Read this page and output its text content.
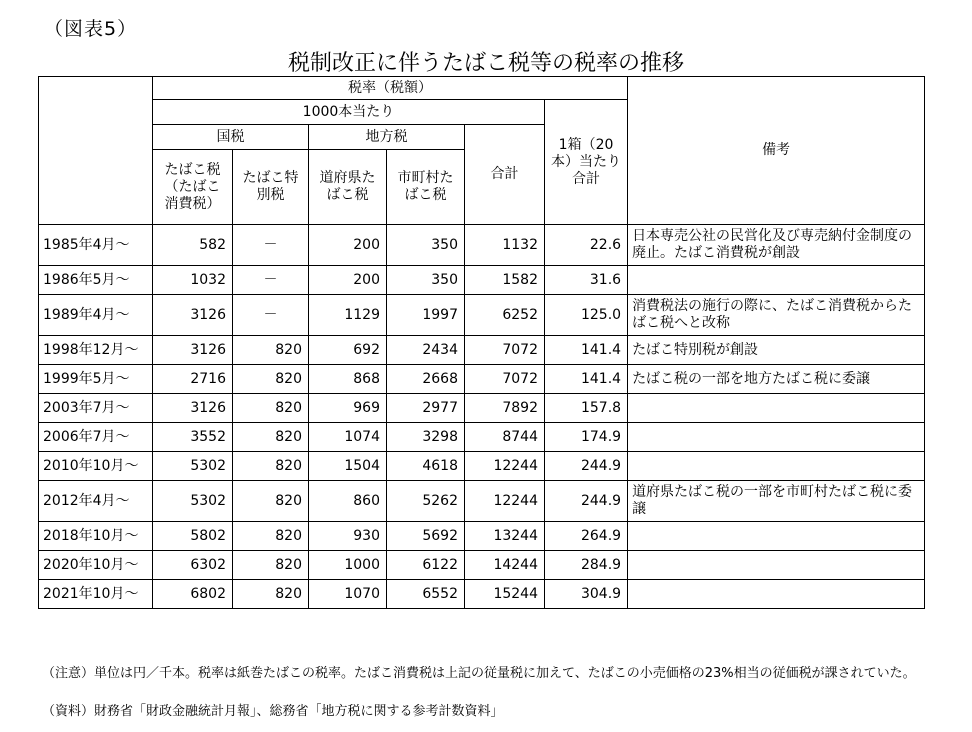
（図表5）
税制改正に伴うたばこ税等の税率の推移
	税率（税額）						備考
	1000本当たり					1箱（20本）当たり合計	
	国税		地方税		合計		
	たばこ税（たばこ消費税）	たばこ特別税	道府県たばこ税	市町村たばこ税			
1985年4月～	582	－	200	350	1132	22.6	日本専売公社の民営化及び専売納付金制度の廃止。たばこ消費税が創設
1986年5月～	1032	－	200	350	1582	31.6	
1989年4月～	3126	－	1129	1997	6252	125.0	消費税法の施行の際に、たばこ消費税からたばこ税へと改称
1998年12月～	3126	820	692	2434	7072	141.4	たばこ特別税が創設
1999年5月～	2716	820	868	2668	7072	141.4	たばこ税の一部を地方たばこ税に委譲
2003年7月～	3126	820	969	2977	7892	157.8	
2006年7月～	3552	820	1074	3298	8744	174.9	
2010年10月～	5302	820	1504	4618	12244	244.9	
2012年4月～	5302	820	860	5262	12244	244.9	道府県たばこ税の一部を市町村たばこ税に委譲
2018年10月～	5802	820	930	5692	13244	264.9	
2020年10月～	6302	820	1000	6122	14244	284.9	
2021年10月～	6802	820	1070	6552	15244	304.9	
（注意）単位は円／千本。税率は紙巻たばこの税率。たばこ消費税は上記の従量税に加えて、たばこの小売価格の23%相当の従価税が課されていた。
（資料）財務省「財政金融統計月報」、総務省「地方税に関する参考計数資料」
